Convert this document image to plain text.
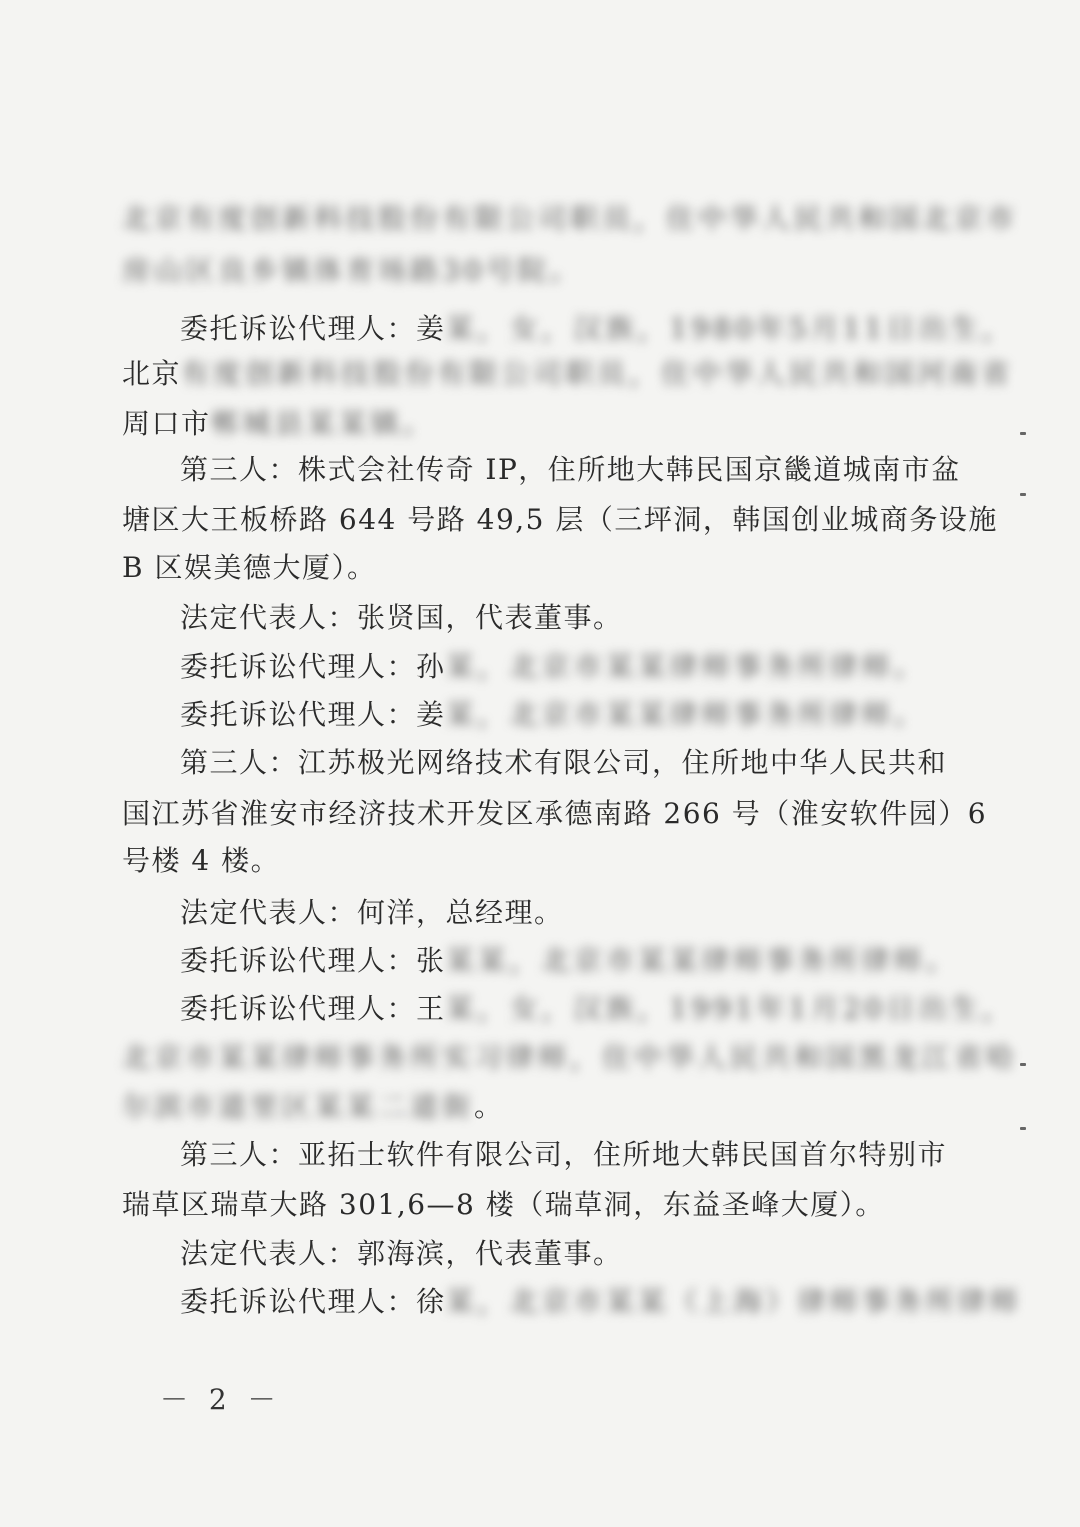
北京有度创新科技股份有限公司职员，住中华人民共和国北京市
房山区良乡镇体育场路30号院。
委托诉讼代理人：姜某，女，汉族，1980年5月11日出生，
北京有度创新科技股份有限公司职员，住中华人民共和国河南省
周口市郸城县某某镇。
第三人：株式会社传奇 IP，住所地大韩民国京畿道城南市盆
塘区大王板桥路 644 号路 49,5 层（三坪洞，韩国创业城商务设施
B 区娱美德大厦）。
法定代表人：张贤国，代表董事。
委托诉讼代理人：孙某，北京市某某律师事务所律师。
委托诉讼代理人：姜某，北京市某某律师事务所律师。
第三人：江苏极光网络技术有限公司，住所地中华人民共和
国江苏省淮安市经济技术开发区承德南路 266 号（淮安软件园）6
号楼 4 楼。
法定代表人：何洋，总经理。
委托诉讼代理人：张某某，北京市某某律师事务所律师。
委托诉讼代理人：王某，女，汉族，1991年1月20日出生，
北京市某某律师事务所实习律师，住中华人民共和国黑龙江省哈
尔滨市道里区某某二道街。
第三人：亚拓士软件有限公司，住所地大韩民国首尔特别市
瑞草区瑞草大路 301,6—8 楼（瑞草洞，东益圣峰大厦）。
法定代表人：郭海滨，代表董事。
委托诉讼代理人：徐某，北京市某某（上海）律师事务所律师
－ 2 －
